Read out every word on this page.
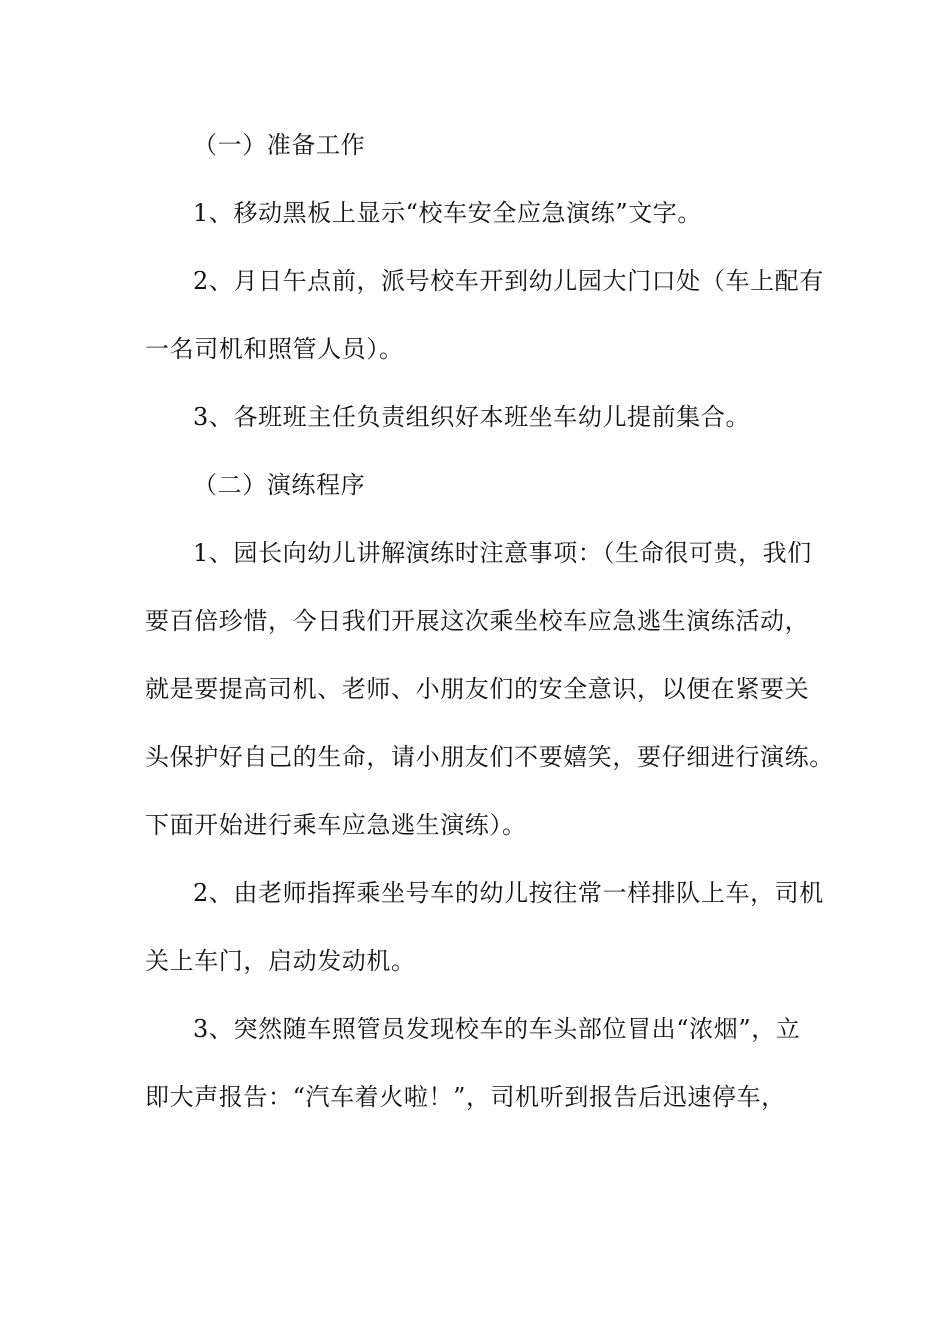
（一）准备工作
1、移动黑板上显示“校车安全应急演练”文字。
2、月日午点前，派号校车开到幼儿园大门口处（车上配有
一名司机和照管人员）。
3、各班班主任负责组织好本班坐车幼儿提前集合。
（二）演练程序
1、园长向幼儿讲解演练时注意事项：（生命很可贵，我们
要百倍珍惜，今日我们开展这次乘坐校车应急逃生演练活动，
就是要提高司机、老师、小朋友们的安全意识，以便在紧要关
头保护好自己的生命，请小朋友们不要嬉笑，要仔细进行演练。
下面开始进行乘车应急逃生演练）。
2、由老师指挥乘坐号车的幼儿按往常一样排队上车，司机
关上车门，启动发动机。
3、突然随车照管员发现校车的车头部位冒出“浓烟”，立
即大声报告：“汽车着火啦！”，司机听到报告后迅速停车，
